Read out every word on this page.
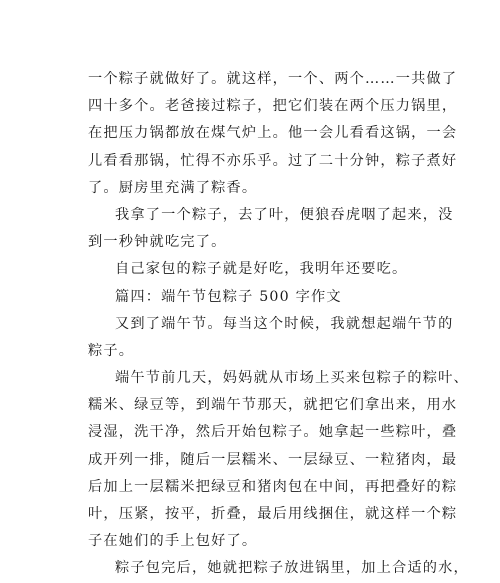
一个粽子就做好了。就这样，一个、两个……一共做了
四十多个。老爸接过粽子，把它们装在两个压力锅里，
在把压力锅都放在煤气炉上。他一会儿看看这锅，一会
儿看看那锅，忙得不亦乐乎。过了二十分钟，粽子煮好
了。厨房里充满了粽香。
我拿了一个粽子，去了叶，便狼吞虎咽了起来，没
到一秒钟就吃完了。
自己家包的粽子就是好吃，我明年还要吃。
篇四：端午节包粽子 500 字作文
又到了端午节。每当这个时候，我就想起端午节的
粽子。
端午节前几天，妈妈就从市场上买来包粽子的粽叶、
糯米、绿豆等，到端午节那天，就把它们拿出来，用水
浸湿，洗干净，然后开始包粽子。她拿起一些粽叶，叠
成开列一排，随后一层糯米、一层绿豆、一粒猪肉，最
后加上一层糯米把绿豆和猪肉包在中间，再把叠好的粽
叶，压紧，按平，折叠，最后用线捆住，就这样一个粽
子在她们的手上包好了。
粽子包完后，她就把粽子放进锅里，加上合适的水，
